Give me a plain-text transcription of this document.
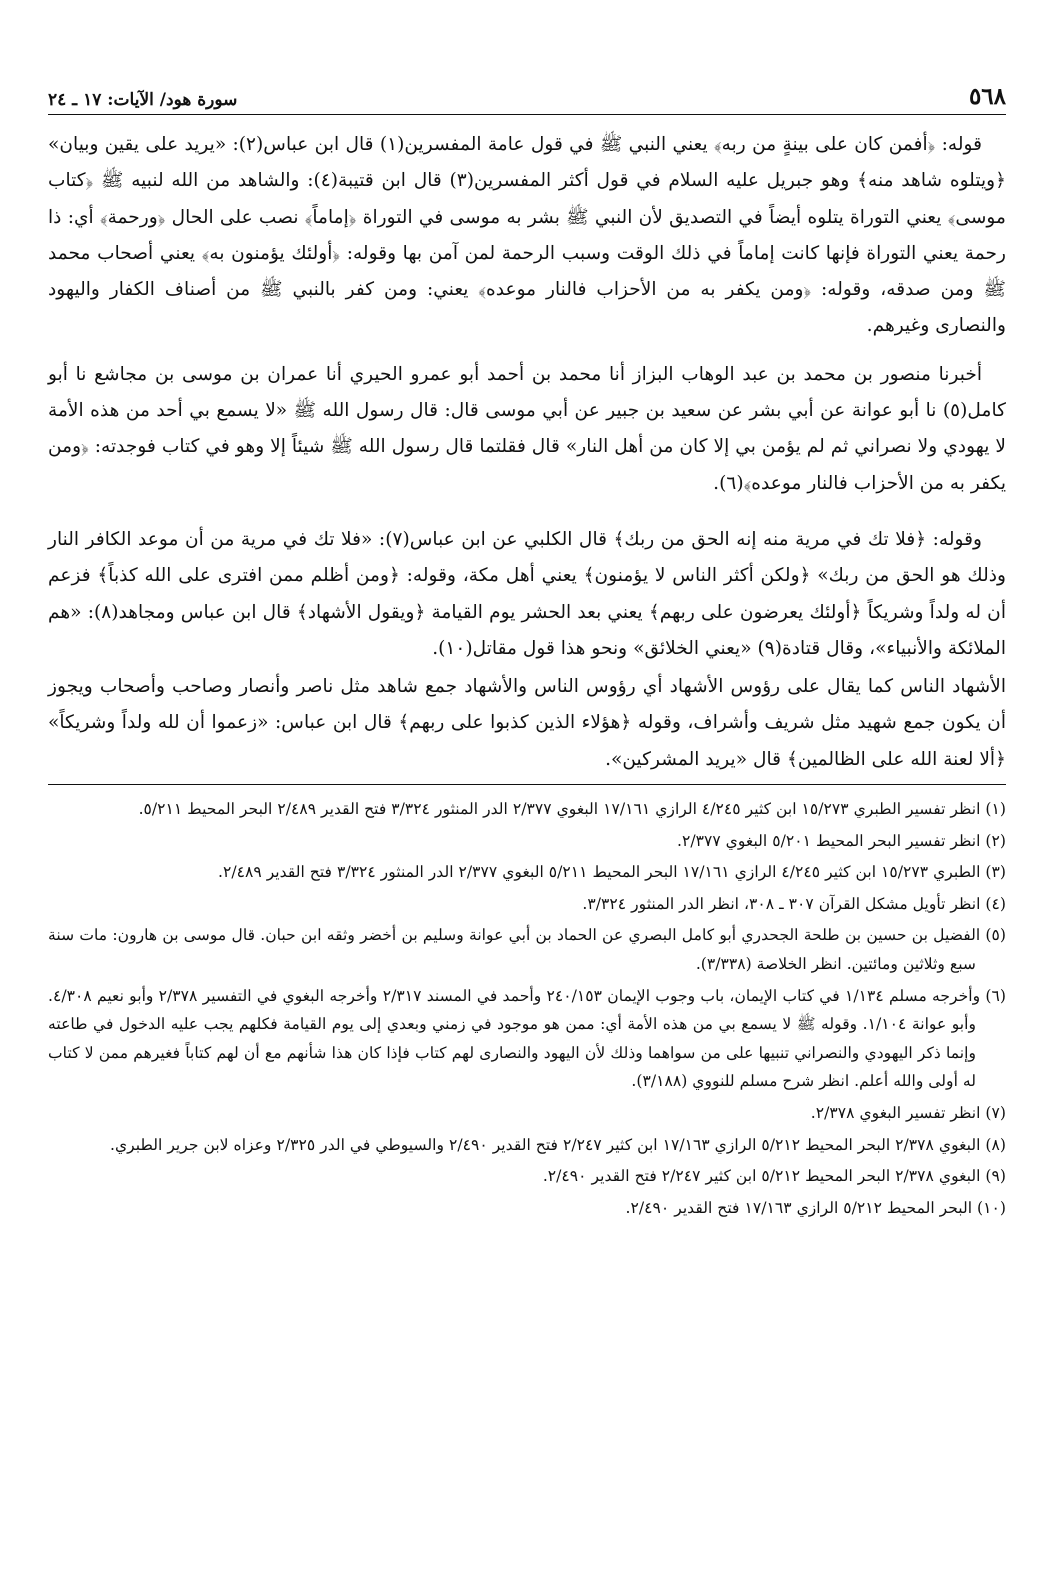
٥٦٨
سورة هود/ الآيات: ١٧ ـ ٢٤

قوله: ﴿أفمن كان على بينةٍ من ربه﴾ يعني النبي ﷺ في قول عامة المفسرين(١) قال ابن عباس(٢): «يريد على يقين وبيان» ﴿ويتلوه شاهد منه﴾ وهو جبريل عليه السلام في قول أكثر المفسرين(٣) قال ابن قتيبة(٤): والشاهد من الله لنبيه ﷺ ﴿كتاب موسى﴾ يعني التوراة يتلوه أيضاً في التصديق لأن النبي ﷺ بشر به موسى في التوراة ﴿إماماً﴾ نصب على الحال ﴿ورحمة﴾ أي: ذا رحمة يعني التوراة فإنها كانت إماماً في ذلك الوقت وسبب الرحمة لمن آمن بها وقوله: ﴿أولئك يؤمنون به﴾ يعني أصحاب محمد ﷺ ومن صدقه، وقوله: ﴿ومن يكفر به من الأحزاب فالنار موعده﴾ يعني: ومن كفر بالنبي ﷺ من أصناف الكفار واليهود والنصارى وغيرهم.

أخبرنا منصور بن محمد بن عبد الوهاب البزاز أنا محمد بن أحمد أبو عمرو الحيري أنا عمران بن موسى بن مجاشع نا أبو كامل(٥) نا أبو عوانة عن أبي بشر عن سعيد بن جبير عن أبي موسى قال: قال رسول الله ﷺ «لا يسمع بي أحد من هذه الأمة لا يهودي ولا نصراني ثم لم يؤمن بي إلا كان من أهل النار» قال فقلتما قال رسول الله ﷺ شيئاً إلا وهو في كتاب فوجدته: ﴿ومن يكفر به من الأحزاب فالنار موعده﴾(٦).

وقوله: ﴿فلا تك في مرية منه إنه الحق من ربك﴾ قال الكلبي عن ابن عباس(٧): «فلا تك في مرية من أن موعد الكافر النار وذلك هو الحق من ربك» ﴿ولكن أكثر الناس لا يؤمنون﴾ يعني أهل مكة، وقوله: ﴿ومن أظلم ممن افترى على الله كذباً﴾ فزعم أن له ولداً وشريكاً ﴿أولئك يعرضون على ربهم﴾ يعني بعد الحشر يوم القيامة ﴿ويقول الأشهاد﴾ قال ابن عباس ومجاهد(٨): «هم الملائكة والأنبياء»، وقال قتادة(٩) «يعني الخلائق» ونحو هذا قول مقاتل(١٠).

الأشهاد الناس كما يقال على رؤوس الأشهاد أي رؤوس الناس والأشهاد جمع شاهد مثل ناصر وأنصار وصاحب وأصحاب ويجوز أن يكون جمع شهيد مثل شريف وأشراف، وقوله ﴿هؤلاء الذين كذبوا على ربهم﴾ قال ابن عباس: «زعموا أن لله ولداً وشريكاً» ﴿ألا لعنة الله على الظالمين﴾ قال «يريد المشركين».

(١) انظر تفسير الطبري ١٥/٢٧٣ ابن كثير ٤/٢٤٥ الرازي ١٧/١٦١ البغوي ٢/٣٧٧ الدر المنثور ٣/٣٢٤ فتح القدير ٢/٤٨٩ البحر المحيط ٥/٢١١.

(٢) انظر تفسير البحر المحيط ٥/٢٠١ البغوي ٢/٣٧٧.

(٣) الطبري ١٥/٢٧٣ ابن كثير ٤/٢٤٥ الرازي ١٧/١٦١ البحر المحيط ٥/٢١١ البغوي ٢/٣٧٧ الدر المنثور ٣/٣٢٤ فتح القدير ٢/٤٨٩.

(٤) انظر تأويل مشكل القرآن ٣٠٧ ـ ٣٠٨، انظر الدر المنثور ٣/٣٢٤.

(٥) الفضيل بن حسين بن طلحة الجحدري أبو كامل البصري عن الحماد بن أبي عوانة وسليم بن أخضر وثقه ابن حبان. قال موسى بن هارون: مات سنة سبع وثلاثين ومائتين. انظر الخلاصة (٣/٣٣٨).

(٦) وأخرجه مسلم ١/١٣٤ في كتاب الإيمان، باب وجوب الإيمان ٢٤٠/١٥٣ وأحمد في المسند ٢/٣١٧ وأخرجه البغوي في التفسير ٢/٣٧٨ وأبو نعيم ٤/٣٠٨. وأبو عوانة ١/١٠٤. وقوله ﷺ لا يسمع بي من هذه الأمة أي: ممن هو موجود في زمني وبعدي إلى يوم القيامة فكلهم يجب عليه الدخول في طاعته وإنما ذكر اليهودي والنصراني تنبيها على من سواهما وذلك لأن اليهود والنصارى لهم كتاب فإذا كان هذا شأنهم مع أن لهم كتاباً فغيرهم ممن لا كتاب له أولى والله أعلم. انظر شرح مسلم للنووي (٣/١٨٨).

(٧) انظر تفسير البغوي ٢/٣٧٨.

(٨) البغوي ٢/٣٧٨ البحر المحيط ٥/٢١٢ الرازي ١٧/١٦٣ ابن كثير ٢/٢٤٧ فتح القدير ٢/٤٩٠ والسيوطي في الدر ٢/٣٢٥ وعزاه لابن جرير الطبري.

(٩) البغوي ٢/٣٧٨ البحر المحيط ٥/٢١٢ ابن كثير ٢/٢٤٧ فتح القدير ٢/٤٩٠.

(١٠) البحر المحيط ٥/٢١٢ الرازي ١٧/١٦٣ فتح القدير ٢/٤٩٠.
